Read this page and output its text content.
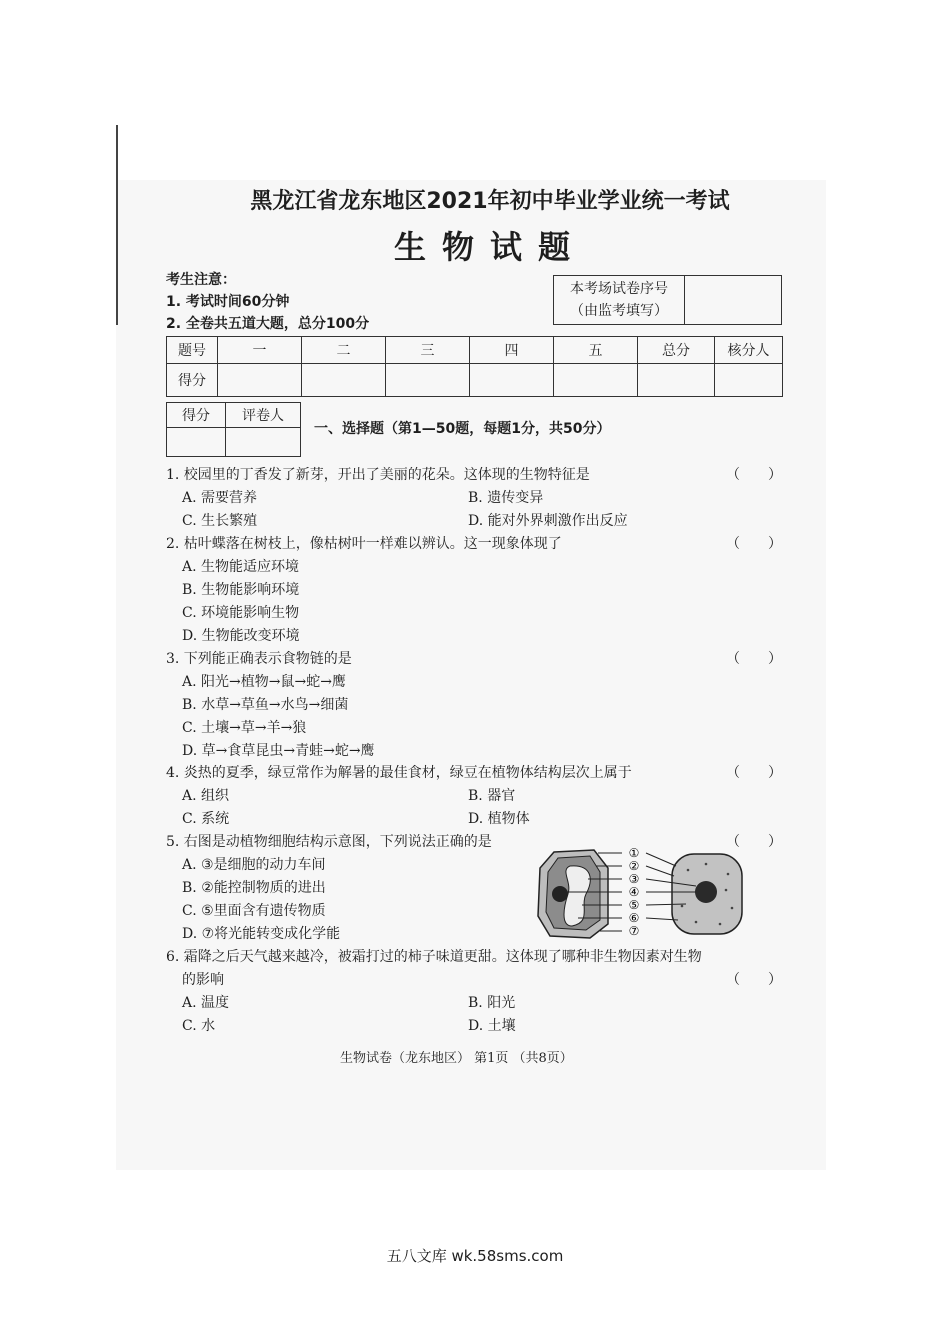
黑龙江省龙东地区2021年初中毕业学业统一考试
生物试题
考生注意：
1. 考试时间60分钟
2. 全卷共五道大题，总分100分
本考场试卷序号
（由监考填写）

题号	一	二	三	四	五	总分	核分人
得分							
得分	评卷人

一、选择题（第1—50题，每题1分，共50分）
1. 校园里的丁香发了新芽，开出了美丽的花朵。这体现的生物特征是	（　　）
A. 需要营养	B. 遗传变异
C. 生长繁殖	D. 能对外界刺激作出反应
2. 枯叶蝶落在树枝上，像枯树叶一样难以辨认。这一现象体现了	（　　）
A. 生物能适应环境
B. 生物能影响环境
C. 环境能影响生物
D. 生物能改变环境
3. 下列能正确表示食物链的是	（　　）
A. 阳光→植物→鼠→蛇→鹰
B. 水草→草鱼→水鸟→细菌
C. 土壤→草→羊→狼
D. 草→食草昆虫→青蛙→蛇→鹰
4. 炎热的夏季，绿豆常作为解暑的最佳食材，绿豆在植物体结构层次上属于	（　　）
A. 组织	B. 器官
C. 系统	D. 植物体
5. 右图是动植物细胞结构示意图，下列说法正确的是	（　　）
A. ③是细胞的动力车间
B. ②能控制物质的进出
C. ⑤里面含有遗传物质
D. ⑦将光能转变成化学能
①
②
③
④
⑤
⑥
⑦
6. 霜降之后天气越来越冷，被霜打过的柿子味道更甜。这体现了哪种非生物因素对生物
的影响	（　　）
A. 温度	B. 阳光
C. 水	D. 土壤
生物试卷（龙东地区） 第1页 （共8页）
五八文库 wk.58sms.com
